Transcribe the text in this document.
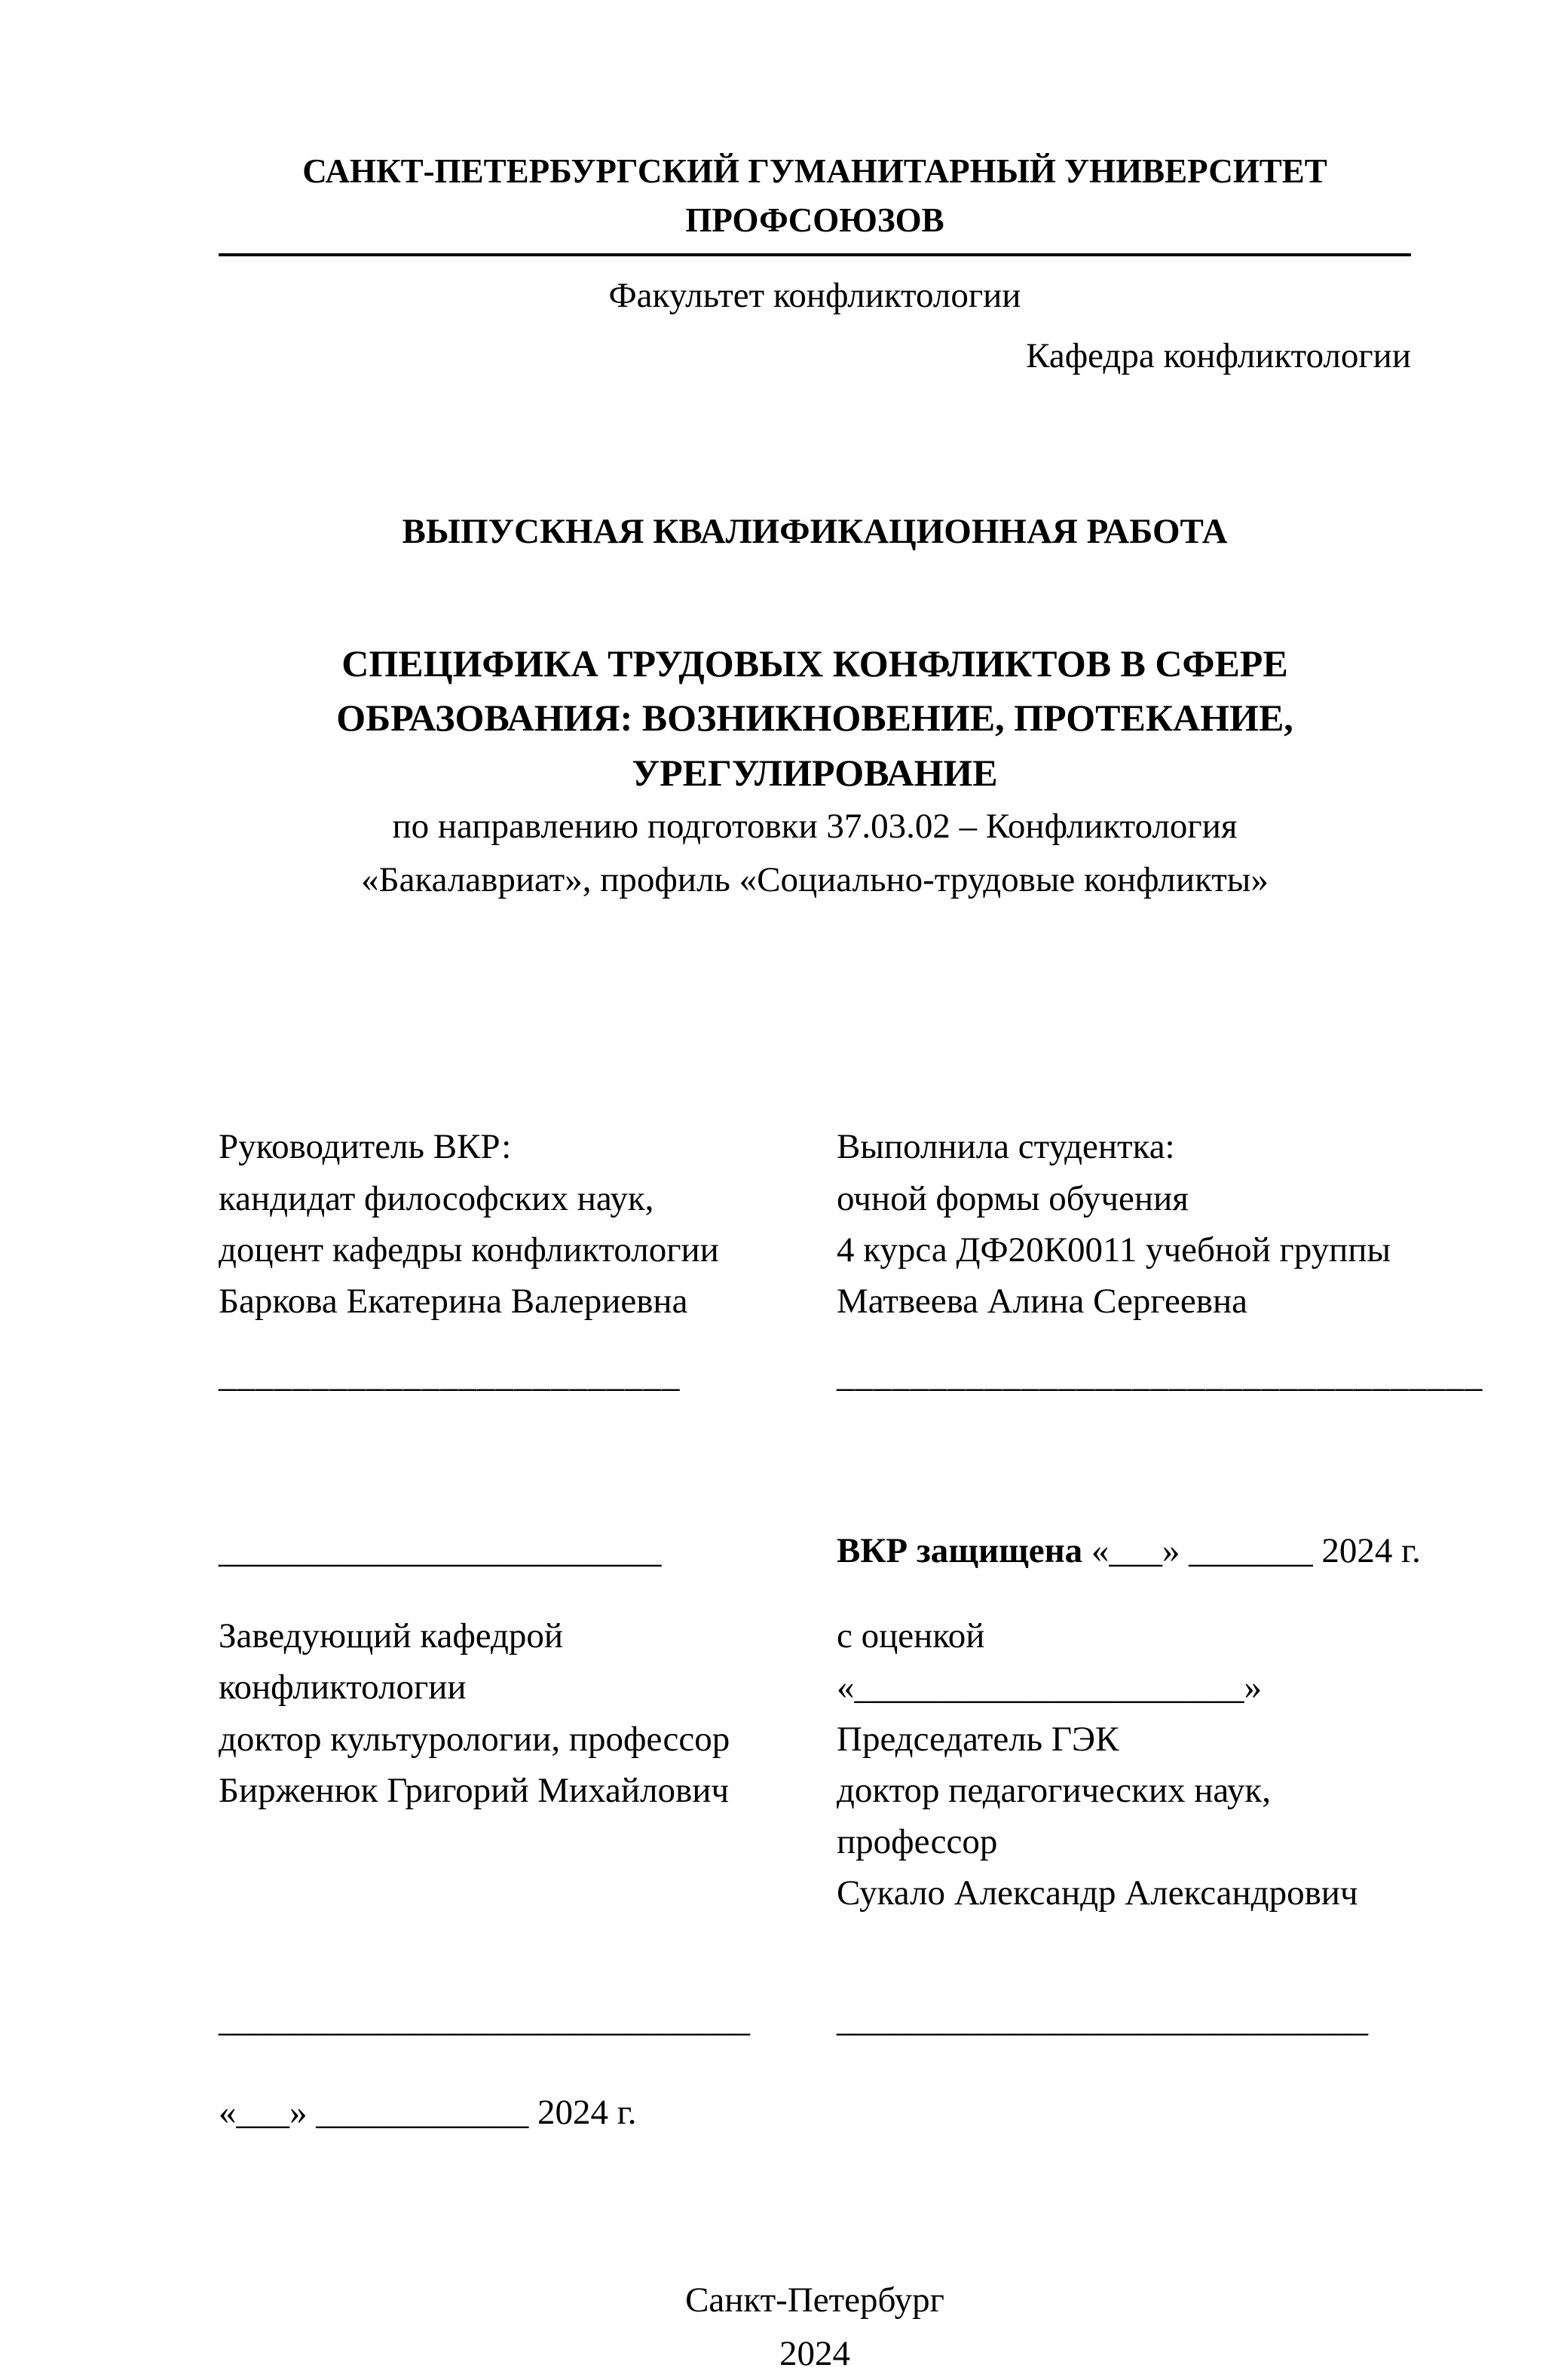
САНКТ-ПЕТЕРБУРГСКИЙ ГУМАНИТАРНЫЙ УНИВЕРСИТЕТ ПРОФСОЮЗОВ
Факультет конфликтологии
Кафедра конфликтологии
ВЫПУСКНАЯ КВАЛИФИКАЦИОННАЯ РАБОТА
СПЕЦИФИКА ТРУДОВЫХ КОНФЛИКТОВ В СФЕРЕ
ОБРАЗОВАНИЯ: ВОЗНИКНОВЕНИЕ, ПРОТЕКАНИЕ,
УРЕГУЛИРОВАНИЕ
по направлению подготовки 37.03.02 – Конфликтология
«Бакалавриат», профиль «Социально-трудовые конфликты»
Руководитель ВКР:
кандидат философских наук,
доцент кафедры конфликтологии
Баркова Екатерина Валериевна
_________________________
Выполнила студентка:
очной формы обучения
4 курса ДФ20К0011 учебной группы
Матвеева Алина Сергеевна
___________________________________
_________________________	ВКР защищена «___» _______ 2024 г.
Заведующий кафедрой
конфликтологии
доктор культурологии, профессор
Бирженюк Григорий Михайлович
с оценкой «______________________»
Председатель ГЭК
доктор педагогических наук,
профессор
Сукало Александр Александрович
______________________________	______________________________
«___» ____________ 2024 г.
Санкт-Петербург
2024
